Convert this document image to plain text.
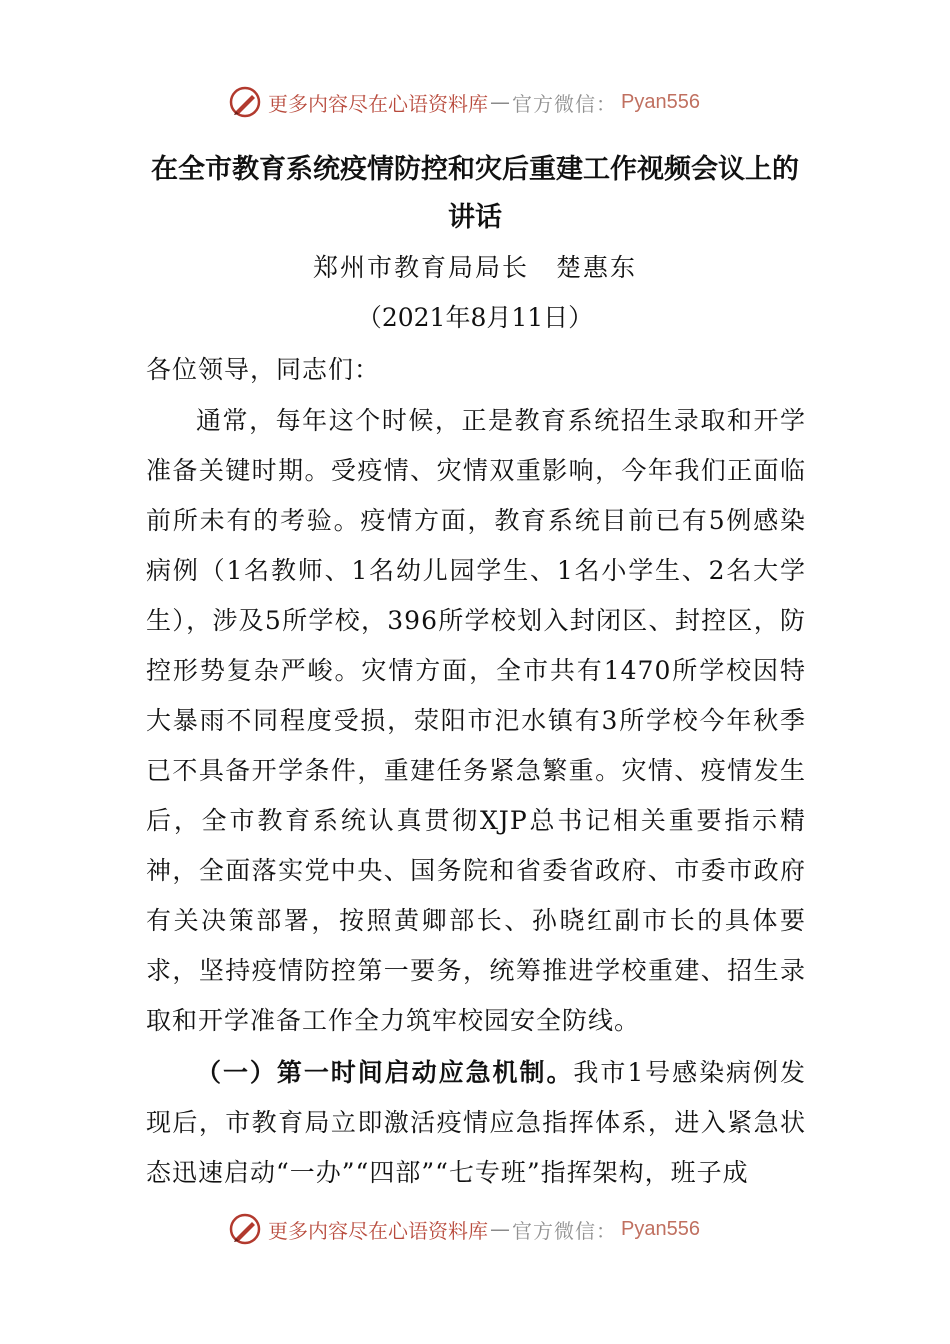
更多内容尽在心语资料库 — 官方微信： Pyan556
在全市教育系统疫情防控和灾后重建工作视频会议上的讲话
郑州市教育局局长　楚惠东
（2021年8月11日）
各位领导，同志们：

通常，每年这个时候，正是教育系统招生录取和开学准备关键时期。受疫情、灾情双重影响，今年我们正面临前所未有的考验。疫情方面，教育系统目前已有5例感染病例（1名教师、1名幼儿园学生、1名小学生、2名大学生），涉及5所学校，396所学校划入封闭区、封控区，防控形势复杂严峻。灾情方面，全市共有1470所学校因特大暴雨不同程度受损，荥阳市汜水镇有3所学校今年秋季已不具备开学条件，重建任务紧急繁重。灾情、疫情发生后，全市教育系统认真贯彻XJP总书记相关重要指示精神，全面落实党中央、国务院和省委省政府、市委市政府有关决策部署，按照黄卿部长、孙晓红副市长的具体要求，坚持疫情防控第一要务，统筹推进学校重建、招生录取和开学准备工作全力筑牢校园安全防线。

（一）第一时间启动应急机制。我市1号感染病例发现后，市教育局立即激活疫情应急指挥体系，进入紧急状态迅速启动“一办”“四部”“七专班”指挥架构，班子成

更多内容尽在心语资料库 — 官方微信： Pyan556
